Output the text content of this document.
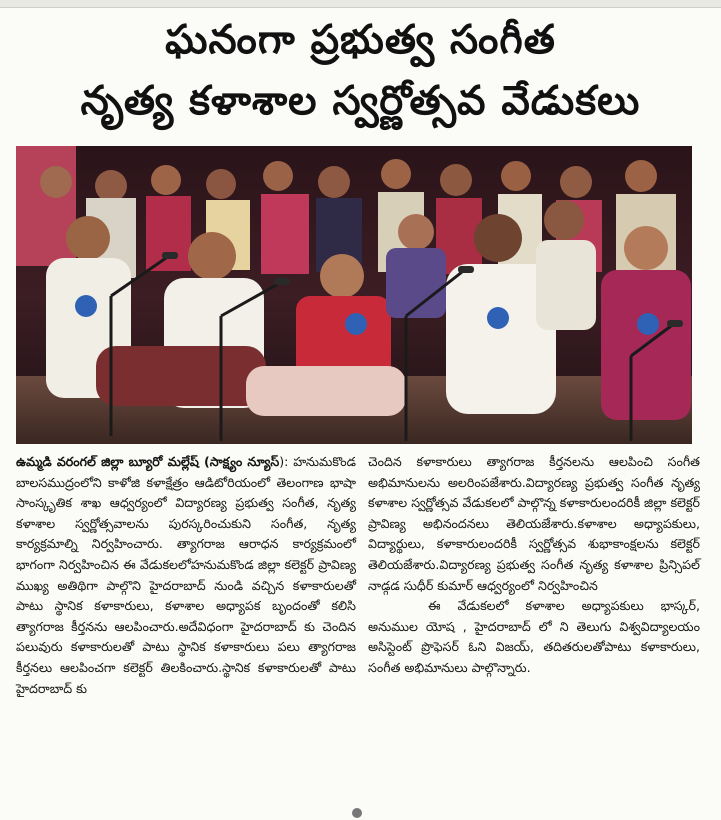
ఘనంగా ప్రభుత్వ సంగీత
నృత్య కళాశాల స్వర్ణోత్సవ వేడుకలు

ఉమ్మడి వరంగల్ జిల్లా బ్యూరో మల్లేష్ (సాక్ష్యం న్యూస్): హనుమకొండ బాలసముద్రంలోని కాళోజి కళాక్షేత్రం ఆడిటోరియంలో తెలంగాణ భాషా సాంస్కృతిక శాఖ ఆధ్వర్యంలో విద్యారణ్య ప్రభుత్వ సంగీత, నృత్య కళాశాల స్వర్ణోత్సవాలను పురస్కరించుకుని సంగీత, నృత్య కార్యక్రమాల్ని నిర్వహించారు. త్యాగరాజ ఆరాధన కార్యక్రమంలో భాగంగా నిర్వహించిన ఈ వేడుకలలోహనుమకొండ జిల్లా కలెక్టర్ ప్రావిణ్య ముఖ్య అతిథిగా పాల్గొని హైదరాబాద్ నుండి వచ్చిన కళాకారులతో పాటు స్థానిక కళాకారులు, కళాశాల అధ్యాపక బృందంతో కలిసి త్యాగరాజ కీర్తనను ఆలపించారు.అదేవిధంగా హైదరాబాద్ కు చెందిన పలువురు కళాకారులతో పాటు స్థానిక కళాకారులు పలు త్యాగరాజ కీర్తనలు ఆలపించగా కలెక్టర్ తిలకించారు.స్థానిక కళాకారులతో పాటు హైదరాబాద్ కు

చెందిన కళాకారులు త్యాగరాజ కీర్తనలను ఆలపించి సంగీత అభిమానులను అలరింపజేశారు.విద్యారణ్య ప్రభుత్వ సంగీత నృత్య కళాశాల స్వర్ణోత్సవ వేడుకలలో పాల్గొన్న కళాకారులందరికీ జిల్లా కలెక్టర్ ప్రావిణ్య అభినందనలు తెలియజేశారు.కళాశాల అధ్యాపకులు, విద్యార్థులు, కళాకారులందరికీ స్వర్ణోత్సవ శుభాకాంక్షలను కలెక్టర్ తెలియజేశారు.విద్యారణ్య ప్రభుత్వ సంగీత నృత్య కళాశాల ప్రిన్సిపల్ నాడ్గడ సుధీర్ కుమార్ ఆధ్వర్యంలో నిర్వహించిన

ఈ వేడుకలలో కళాశాల అధ్యాపకులు భాస్కర్, అనుముల యోష , హైదరాబాద్ లో ని తెలుగు విశ్వవిద్యాలయం అసిస్టెంట్ ప్రొఫెసర్ ఓని విజయ్, తదితరులతోపాటు కళాకారులు, సంగీత అభిమానులు పాల్గొన్నారు.
